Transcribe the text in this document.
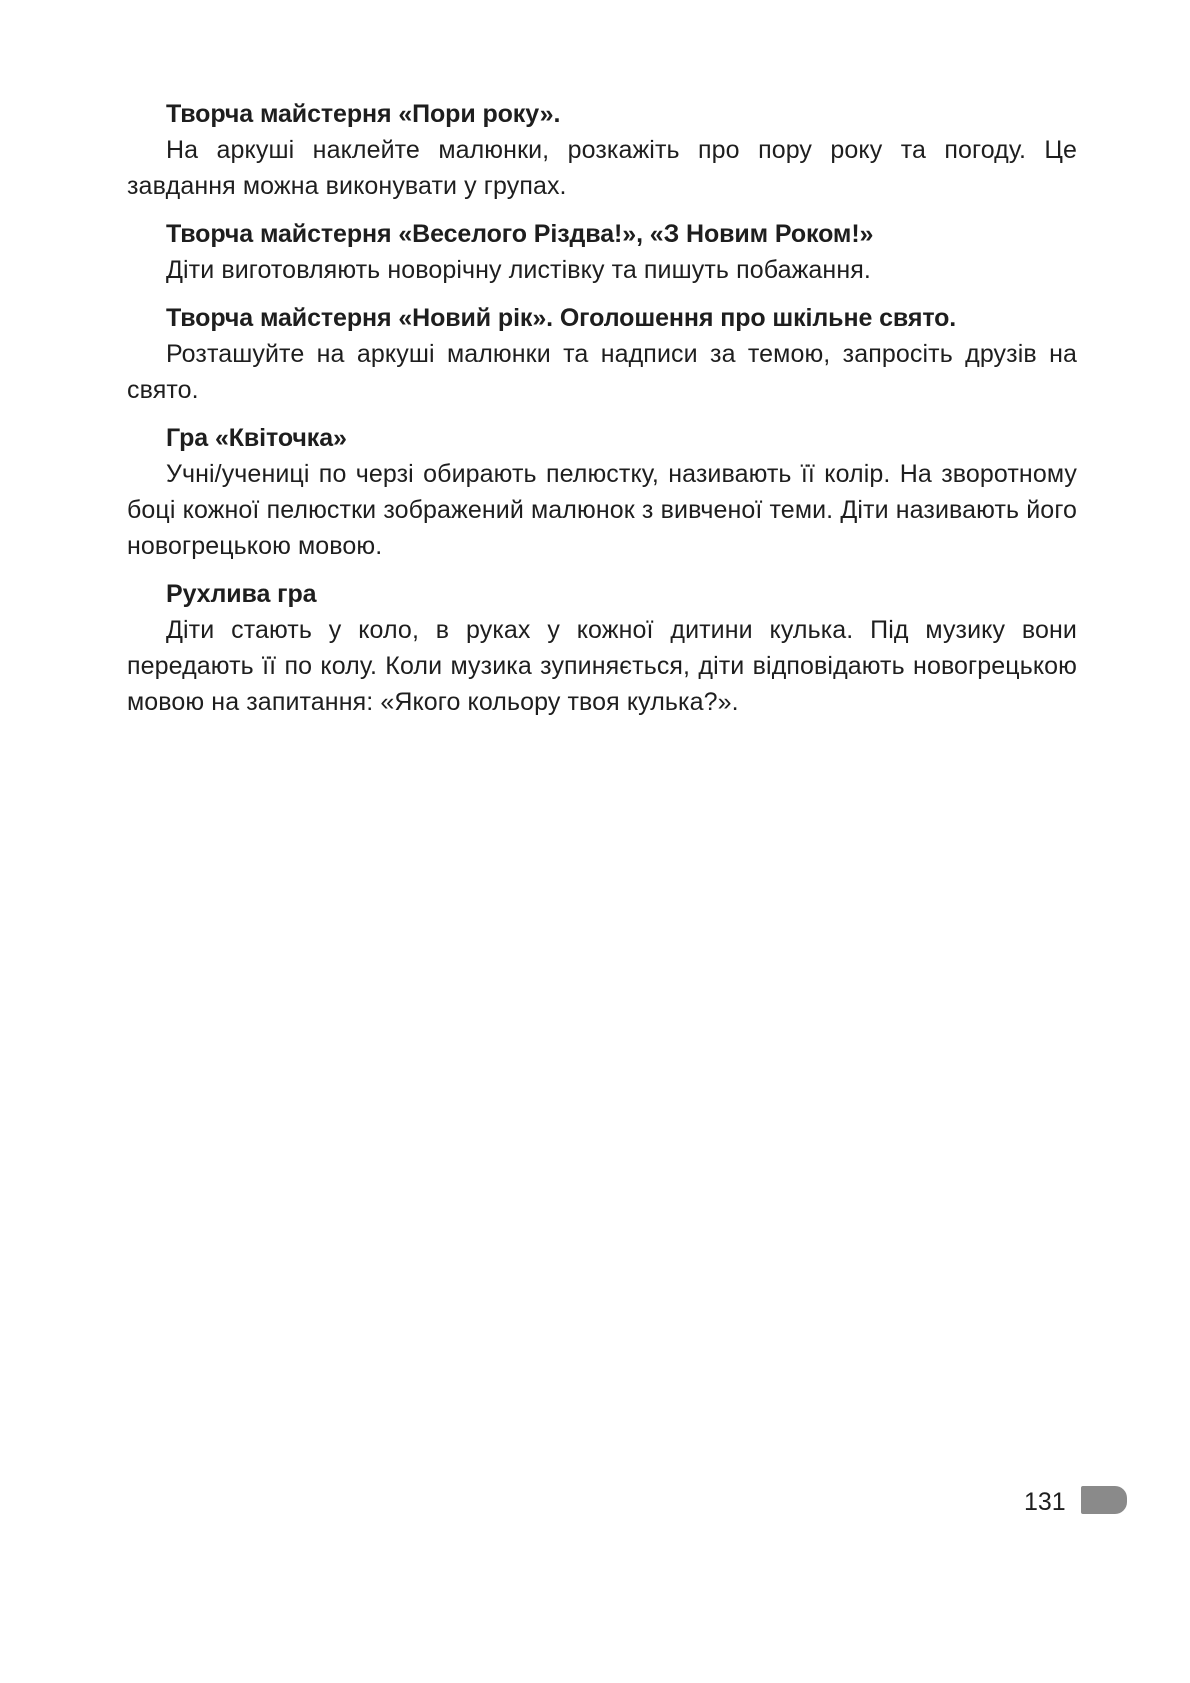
Творча майстерня «Пори року».

На аркуші наклейте малюнки, розкажіть про пору року та погоду. Це завдання можна виконувати у групах.

Творча майстерня «Веселого Різдва!», «З Новим Роком!»

Діти виготовляють новорічну листівку та пишуть побажання.

Творча майстерня «Новий рік». Оголошення про шкільне свято.

Розташуйте на аркуші малюнки та надписи за темою, запросіть друзів на свято.

Гра «Квіточка»

Учні/учениці по черзі обирають пелюстку, називають її колір. На зворотному боці кожної пелюстки зображений малюнок з вивченої теми. Діти називають його новогрецькою мовою.

Рухлива гра

Діти стають у коло, в руках у кожної дитини кулька. Під музику вони передають її по колу. Коли музика зупиняється, діти відповідають новогрецькою мовою на запитання: «Якого кольору твоя кулька?».

131
